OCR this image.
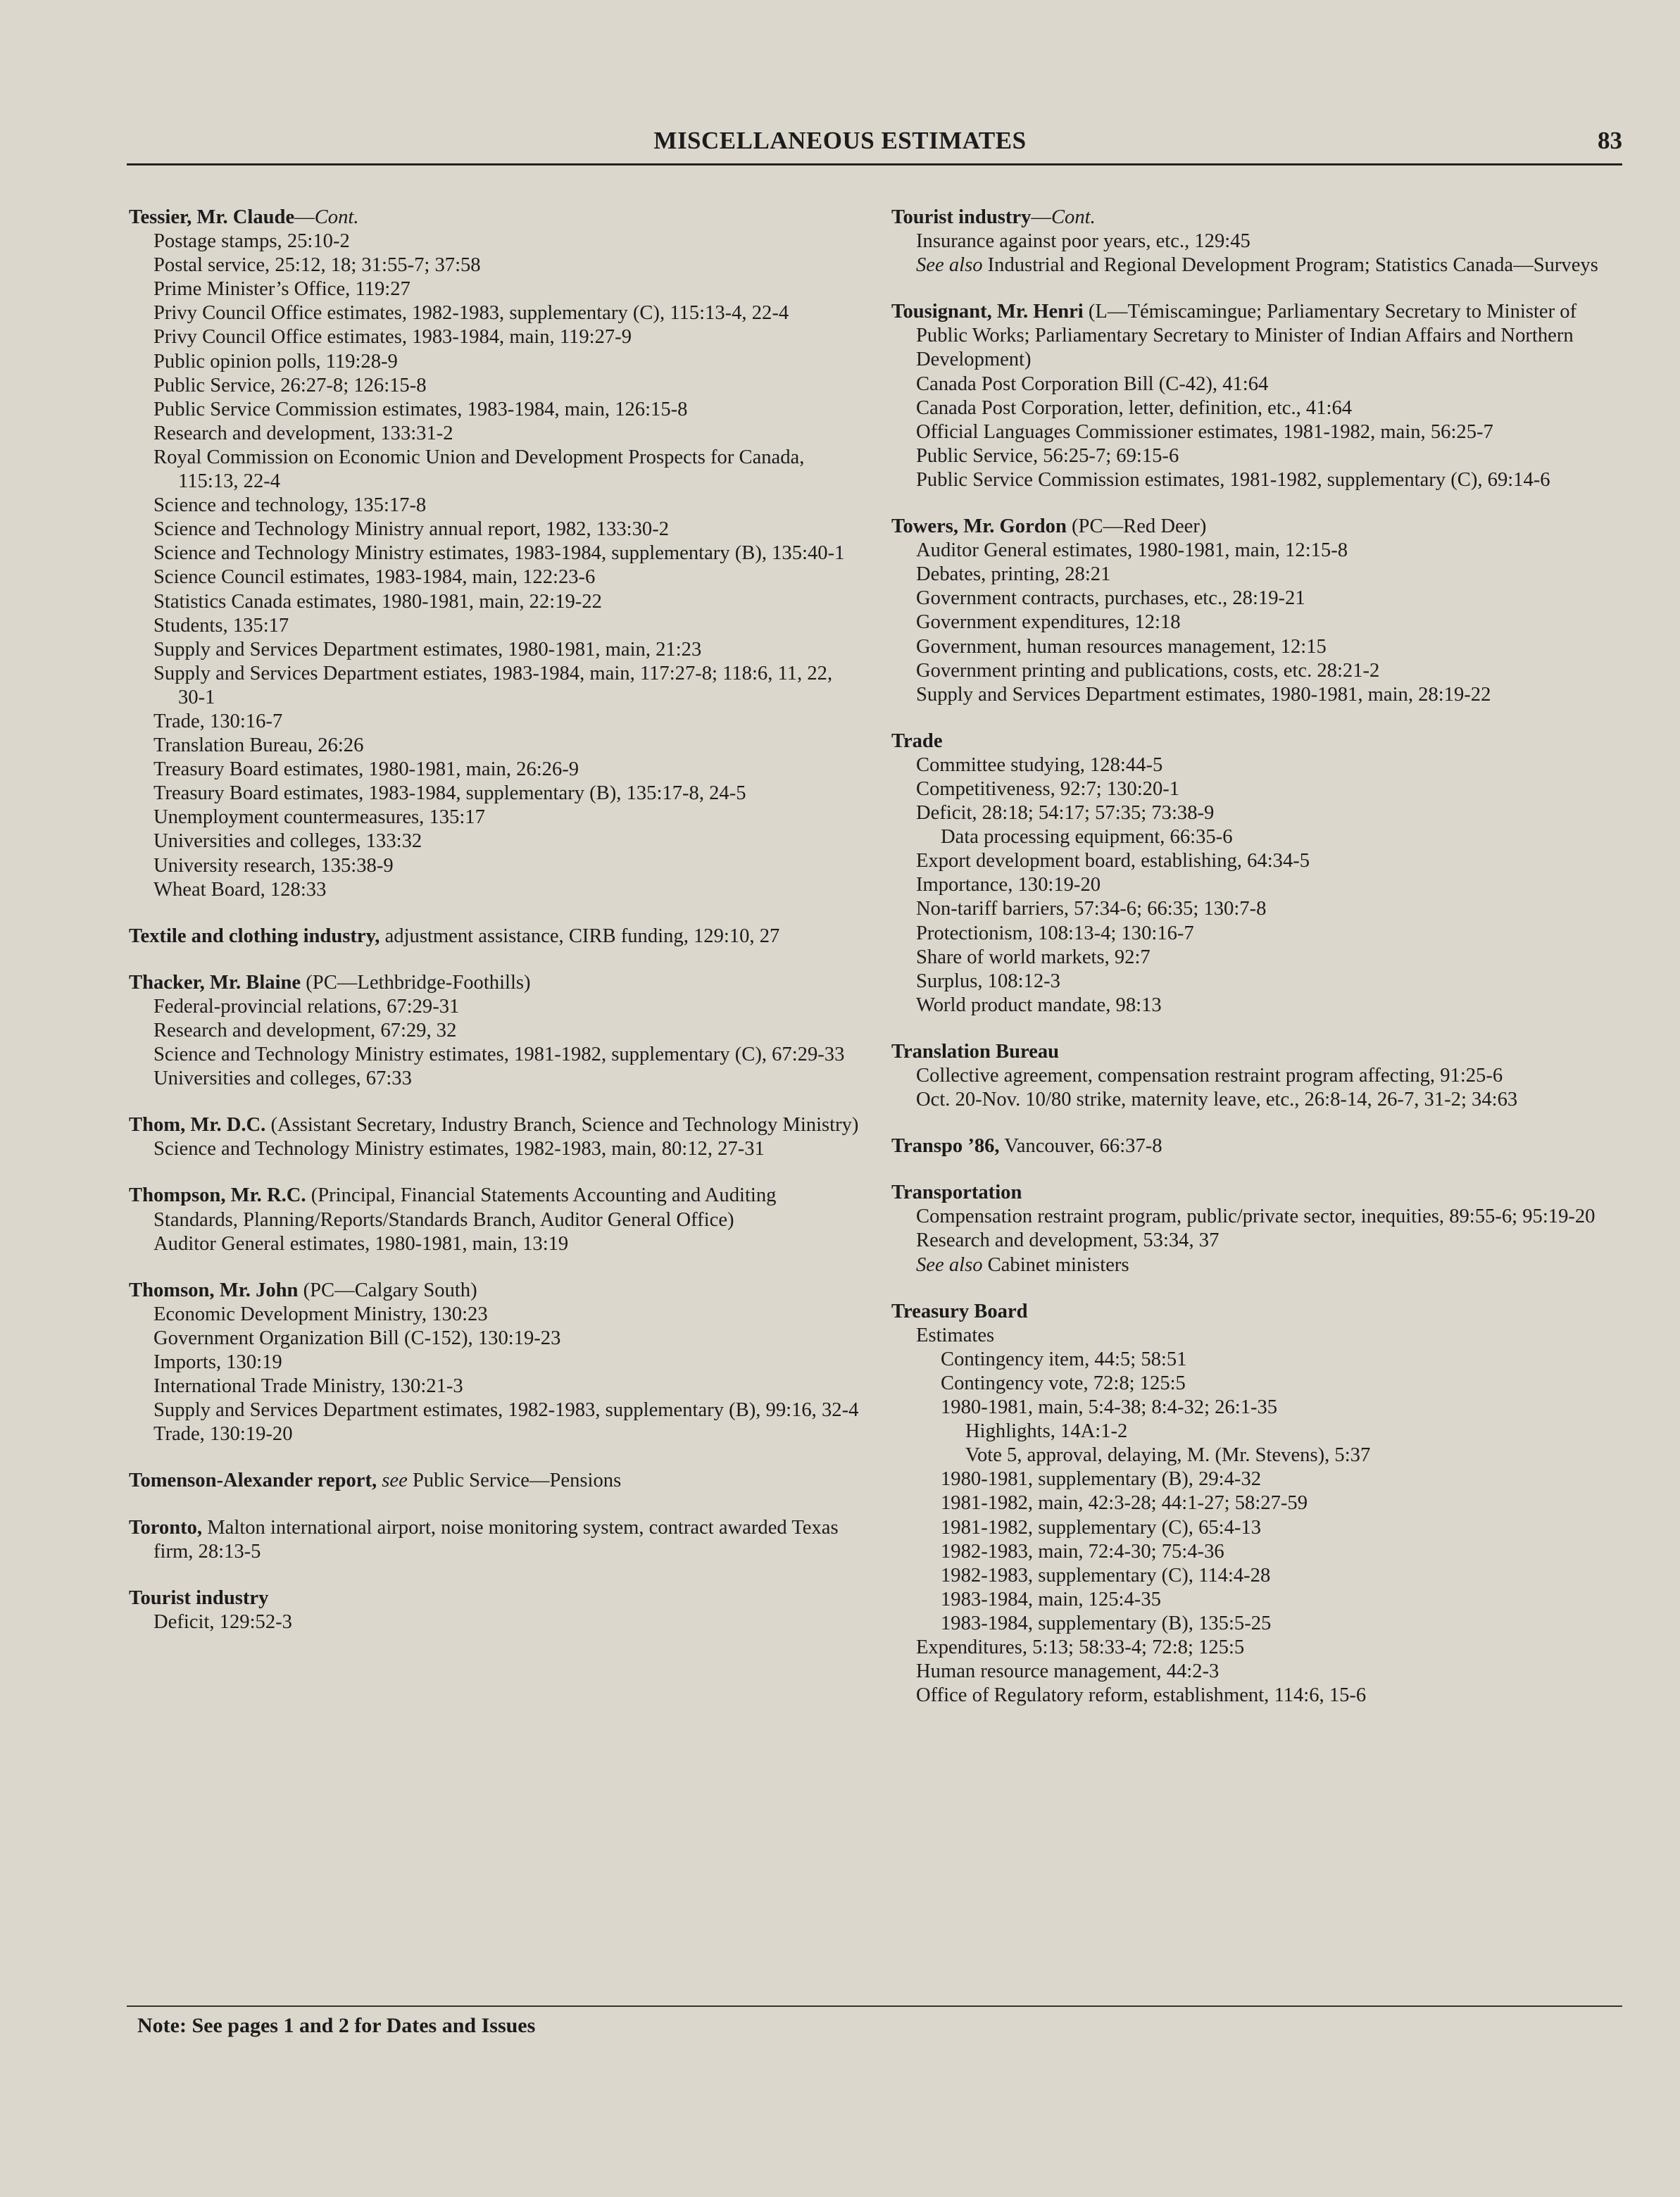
MISCELLANEOUS ESTIMATES	83
Tessier, Mr. Claude—Cont.
Postage stamps, 25:10-2
Postal service, 25:12, 18; 31:55-7; 37:58
Prime Minister’s Office, 119:27
Privy Council Office estimates, 1982-1983, supplementary (C), 115:13-4, 22-4
Privy Council Office estimates, 1983-1984, main, 119:27-9
Public opinion polls, 119:28-9
Public Service, 26:27-8; 126:15-8
Public Service Commission estimates, 1983-1984, main, 126:15-8
Research and development, 133:31-2
Royal Commission on Economic Union and Development Prospects for Canada, 115:13, 22-4
Science and technology, 135:17-8
Science and Technology Ministry annual report, 1982, 133:30-2
Science and Technology Ministry estimates, 1983-1984, supplementary (B), 135:40-1
Science Council estimates, 1983-1984, main, 122:23-6
Statistics Canada estimates, 1980-1981, main, 22:19-22
Students, 135:17
Supply and Services Department estimates, 1980-1981, main, 21:23
Supply and Services Department estiates, 1983-1984, main, 117:27-8; 118:6, 11, 22, 30-1
Trade, 130:16-7
Translation Bureau, 26:26
Treasury Board estimates, 1980-1981, main, 26:26-9
Treasury Board estimates, 1983-1984, supplementary (B), 135:17-8, 24-5
Unemployment countermeasures, 135:17
Universities and colleges, 133:32
University research, 135:38-9
Wheat Board, 128:33
Textile and clothing industry, adjustment assistance, CIRB funding, 129:10, 27
Thacker, Mr. Blaine (PC—Lethbridge-Foothills)
Federal-provincial relations, 67:29-31
Research and development, 67:29, 32
Science and Technology Ministry estimates, 1981-1982, supplementary (C), 67:29-33
Universities and colleges, 67:33
Thom, Mr. D.C. (Assistant Secretary, Industry Branch, Science and Technology Ministry)
Science and Technology Ministry estimates, 1982-1983, main, 80:12, 27-31
Thompson, Mr. R.C. (Principal, Financial Statements Accounting and Auditing Standards, Planning/Reports/Standards Branch, Auditor General Office)
Auditor General estimates, 1980-1981, main, 13:19
Thomson, Mr. John (PC—Calgary South)
Economic Development Ministry, 130:23
Government Organization Bill (C-152), 130:19-23
Imports, 130:19
International Trade Ministry, 130:21-3
Supply and Services Department estimates, 1982-1983, supplementary (B), 99:16, 32-4
Trade, 130:19-20
Tomenson-Alexander report, see Public Service—Pensions
Toronto, Malton international airport, noise monitoring system, contract awarded Texas firm, 28:13-5
Tourist industry
Deficit, 129:52-3
Tourist industry—Cont.
Insurance against poor years, etc., 129:45
See also Industrial and Regional Development Program; Statistics Canada—Surveys
Tousignant, Mr. Henri (L—Témiscamingue; Parliamentary Secretary to Minister of Public Works; Parliamentary Secretary to Minister of Indian Affairs and Northern Development)
Canada Post Corporation Bill (C-42), 41:64
Canada Post Corporation, letter, definition, etc., 41:64
Official Languages Commissioner estimates, 1981-1982, main, 56:25-7
Public Service, 56:25-7; 69:15-6
Public Service Commission estimates, 1981-1982, supplementary (C), 69:14-6
Towers, Mr. Gordon (PC—Red Deer)
Auditor General estimates, 1980-1981, main, 12:15-8
Debates, printing, 28:21
Government contracts, purchases, etc., 28:19-21
Government expenditures, 12:18
Government, human resources management, 12:15
Government printing and publications, costs, etc. 28:21-2
Supply and Services Department estimates, 1980-1981, main, 28:19-22
Trade
Committee studying, 128:44-5
Competitiveness, 92:7; 130:20-1
Deficit, 28:18; 54:17; 57:35; 73:38-9
Data processing equipment, 66:35-6
Export development board, establishing, 64:34-5
Importance, 130:19-20
Non-tariff barriers, 57:34-6; 66:35; 130:7-8
Protectionism, 108:13-4; 130:16-7
Share of world markets, 92:7
Surplus, 108:12-3
World product mandate, 98:13
Translation Bureau
Collective agreement, compensation restraint program affecting, 91:25-6
Oct. 20-Nov. 10/80 strike, maternity leave, etc., 26:8-14, 26-7, 31-2; 34:63
Transpo ’86, Vancouver, 66:37-8
Transportation
Compensation restraint program, public/private sector, inequities, 89:55-6; 95:19-20
Research and development, 53:34, 37
See also Cabinet ministers
Treasury Board
Estimates
Contingency item, 44:5; 58:51
Contingency vote, 72:8; 125:5
1980-1981, main, 5:4-38; 8:4-32; 26:1-35
Highlights, 14A:1-2
Vote 5, approval, delaying, M. (Mr. Stevens), 5:37
1980-1981, supplementary (B), 29:4-32
1981-1982, main, 42:3-28; 44:1-27; 58:27-59
1981-1982, supplementary (C), 65:4-13
1982-1983, main, 72:4-30; 75:4-36
1982-1983, supplementary (C), 114:4-28
1983-1984, main, 125:4-35
1983-1984, supplementary (B), 135:5-25
Expenditures, 5:13; 58:33-4; 72:8; 125:5
Human resource management, 44:2-3
Office of Regulatory reform, establishment, 114:6, 15-6
Note: See pages 1 and 2 for Dates and Issues
